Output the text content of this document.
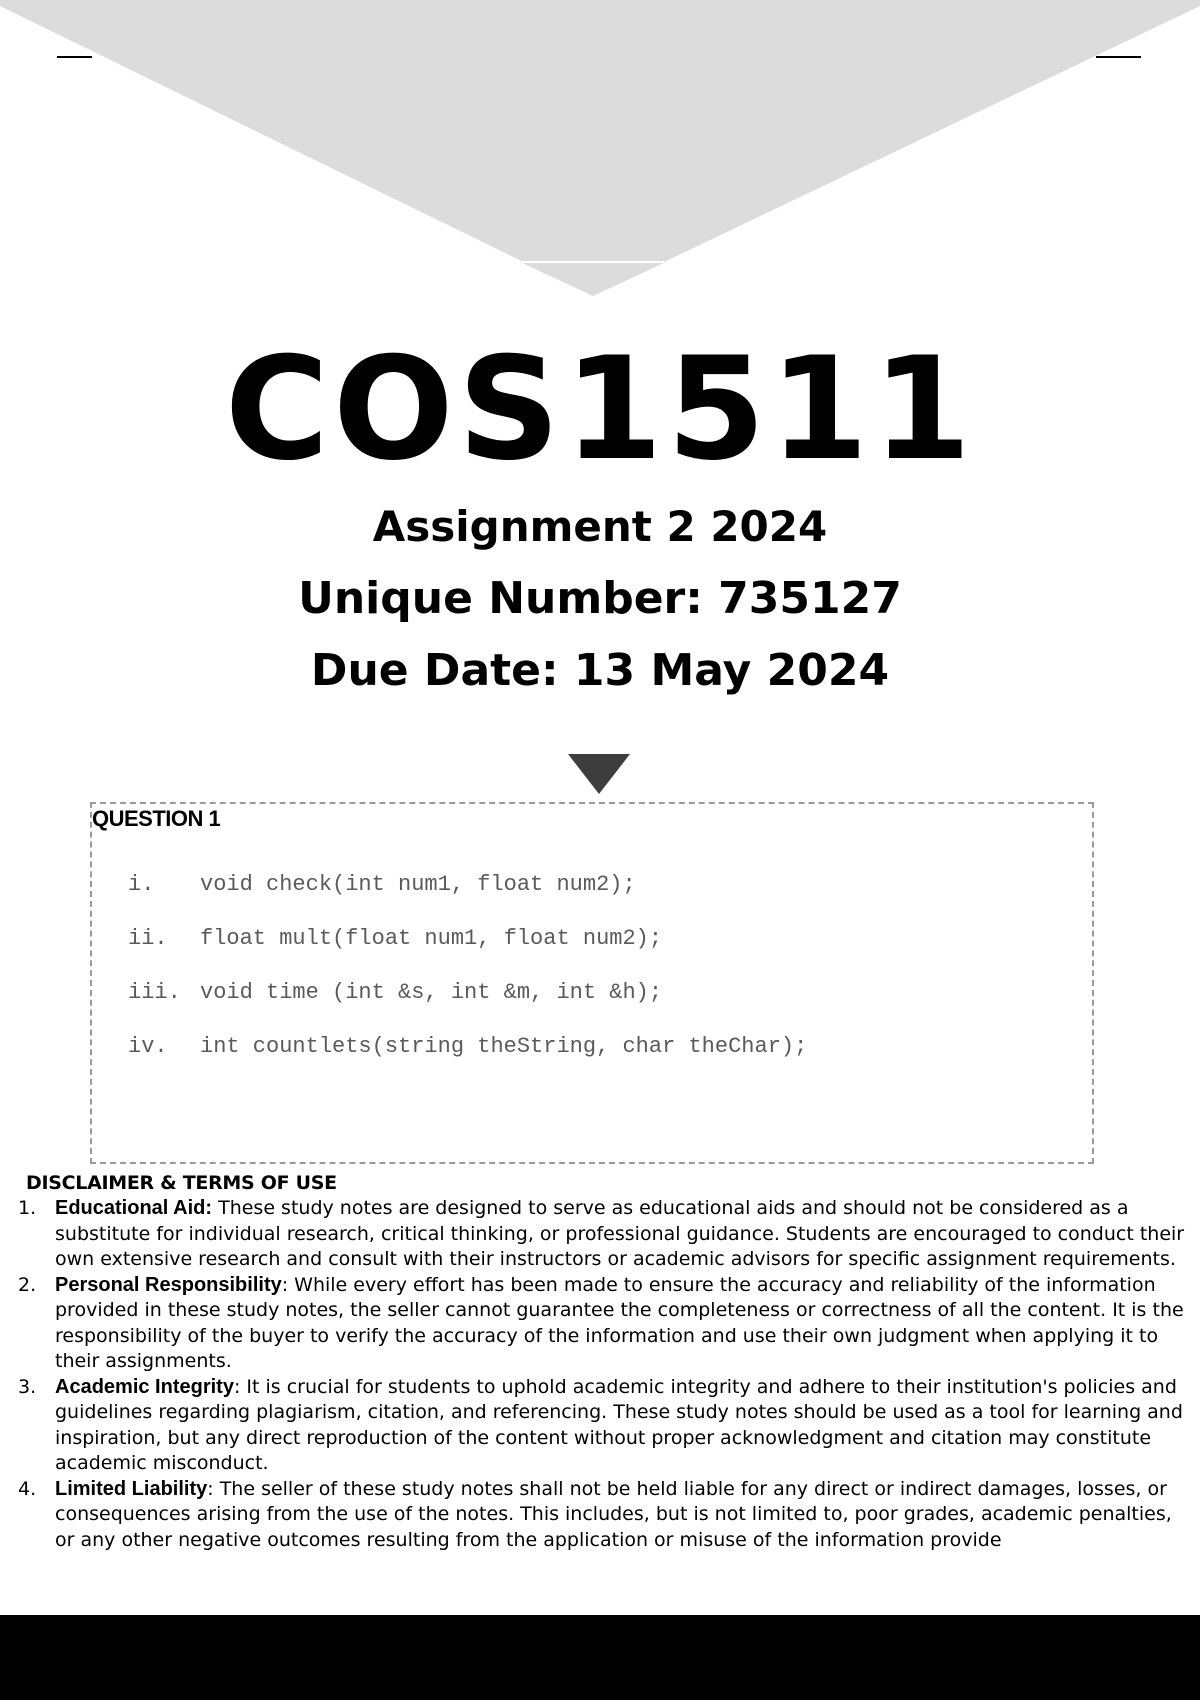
COS1511
Assignment 2 2024
Unique Number: 735127
Due Date: 13 May 2024
QUESTION 1
i. void check(int num1, float num2);
ii. float mult(float num1, float num2);
iii. void time (int &s, int &m, int &h);
iv. int countlets(string theString, char theChar);
DISCLAIMER & TERMS OF USE
1. Educational Aid: These study notes are designed to serve as educational aids and should not be considered as a substitute for individual research, critical thinking, or professional guidance. Students are encouraged to conduct their own extensive research and consult with their instructors or academic advisors for specific assignment requirements.
2. Personal Responsibility: While every effort has been made to ensure the accuracy and reliability of the information provided in these study notes, the seller cannot guarantee the completeness or correctness of all the content. It is the responsibility of the buyer to verify the accuracy of the information and use their own judgment when applying it to their assignments.
3. Academic Integrity: It is crucial for students to uphold academic integrity and adhere to their institution's policies and guidelines regarding plagiarism, citation, and referencing. These study notes should be used as a tool for learning and inspiration, but any direct reproduction of the content without proper acknowledgment and citation may constitute academic misconduct.
4. Limited Liability: The seller of these study notes shall not be held liable for any direct or indirect damages, losses, or consequences arising from the use of the notes. This includes, but is not limited to, poor grades, academic penalties, or any other negative outcomes resulting from the application or misuse of the information provide
